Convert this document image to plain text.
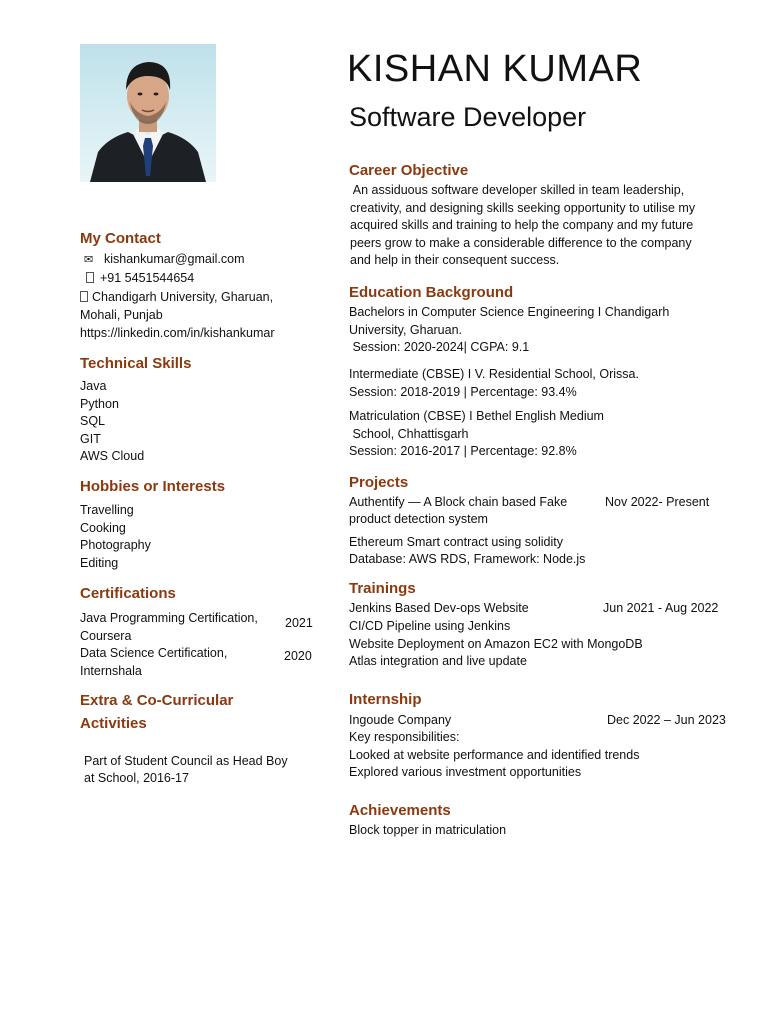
KISHAN KUMAR
Software Developer
My Contact
✉ kishankumar@gmail.com
+91 5451544654
Chandigarh University, Gharuan,
Mohali, Punjab
https://linkedin.com/in/kishankumar
Technical Skills
Java
Python
SQL
GIT
AWS Cloud
Hobbies or Interests
Travelling
Cooking
Photography
Editing
Certifications
Java Programming Certification,
Coursera
2021
Data Science Certification,
Internshala
2020
Extra & Co-Curricular
Activities
Part of Student Council as Head Boy
at School, 2016-17
Career Objective
An assiduous software developer skilled in team leadership,
creativity, and designing skills seeking opportunity to utilise my
acquired skills and training to help the company and my future
peers grow to make a considerable difference to the company
and help in their consequent success.
Education Background
Bachelors in Computer Science Engineering I Chandigarh
University, Gharuan.
Session: 2020-2024| CGPA: 9.1
Intermediate (CBSE) I V. Residential School, Orissa.
Session: 2018-2019 | Percentage: 93.4%
Matriculation (CBSE) I Bethel English Medium
School, Chhattisgarh
Session: 2016-2017 | Percentage: 92.8%
Projects
Authentify — A Block chain based Fake	Nov 2022- Present
product detection system
Ethereum Smart contract using solidity
Database: AWS RDS, Framework: Node.js
Trainings
Jenkins Based Dev-ops Website	Jun 2021 - Aug 2022
CI/CD Pipeline using Jenkins
Website Deployment on Amazon EC2 with MongoDB
Atlas integration and live update
Internship
Ingoude Company	Dec 2022 – Jun 2023
Key responsibilities:
Looked at website performance and identified trends
Explored various investment opportunities
Achievements
Block topper in matriculation
